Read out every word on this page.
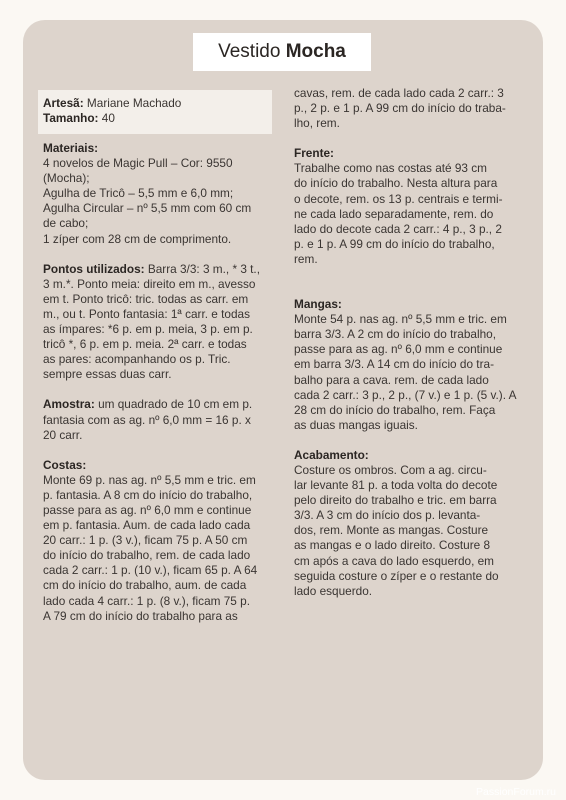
Vestido Mocha

Artesã: Mariane Machado

Tamanho: 40

Materiais:

4 novelos de Magic Pull – Cor: 9550

(Mocha);

Agulha de Tricô – 5,5 mm e 6,0 mm;

Agulha Circular – nº 5,5 mm com 60 cm

de cabo;

1 zíper com 28 cm de comprimento.

Pontos utilizados: Barra 3/3: 3 m., * 3 t.,

3 m.*. Ponto meia: direito em m., avesso

em t. Ponto tricô: tric. todas as carr. em

m., ou t. Ponto fantasia: 1ª carr. e todas

as ímpares: *6 p. em p. meia, 3 p. em p.

tricô *, 6 p. em p. meia. 2ª carr. e todas

as pares: acompanhando os p. Tric.

sempre essas duas carr.

Amostra: um quadrado de 10 cm em p.

fantasia com as ag. nº 6,0 mm = 16 p. x

20 carr.

Costas:

Monte 69 p. nas ag. nº 5,5 mm e tric. em

p. fantasia. A 8 cm do início do trabalho,

passe para as ag. nº 6,0 mm e continue

em p. fantasia. Aum. de cada lado cada

20 carr.: 1 p. (3 v.), ficam 75 p. A 50 cm

do início do trabalho, rem. de cada lado

cada 2 carr.: 1 p. (10 v.), ficam 65 p. A 64

cm do início do trabalho, aum. de cada

lado cada 4 carr.: 1 p. (8 v.), ficam 75 p.

A 79 cm do início do trabalho para as

cavas, rem. de cada lado cada 2 carr.: 3

p., 2 p. e 1 p. A 99 cm do início do trabа-

lho, rem.

Frente:

Trabalhe como nas costas até 93 cm

do início do trabalho. Nesta altura para

o decote, rem. os 13 p. centrais e termi-

ne cada lado separadamente, rem. do

lado do decote cada 2 carr.: 4 p., 3 p., 2

p. e 1 p. A 99 cm do início do trabalho,

rem.

Mangas:

Monte 54 p. nas ag. nº 5,5 mm e tric. em

barra 3/3. A 2 cm do início do trabalho,

passe para as ag. nº 6,0 mm e continue

em barra 3/3. A 14 cm do início do tra-

balho para a cava. rem. de cada lado

cada 2 carr.: 3 p., 2 p., (7 v.) e 1 p. (5 v.). A

28 cm do início do trabalho, rem. Faça

as duas mangas iguais.

Acabamento:

Costure os ombros. Com a ag. circu-

lar levante 81 p. a toda volta do decote

pelo direito do trabalho e tric. em barra

3/3. A 3 cm do início dos p. levanta-

dos, rem. Monte as mangas. Costure

as mangas e o lado direito. Costure 8

cm após a cava do lado esquerdo, em

seguida costure o zíper e o restante do

lado esquerdo.

PassionForum.ru
